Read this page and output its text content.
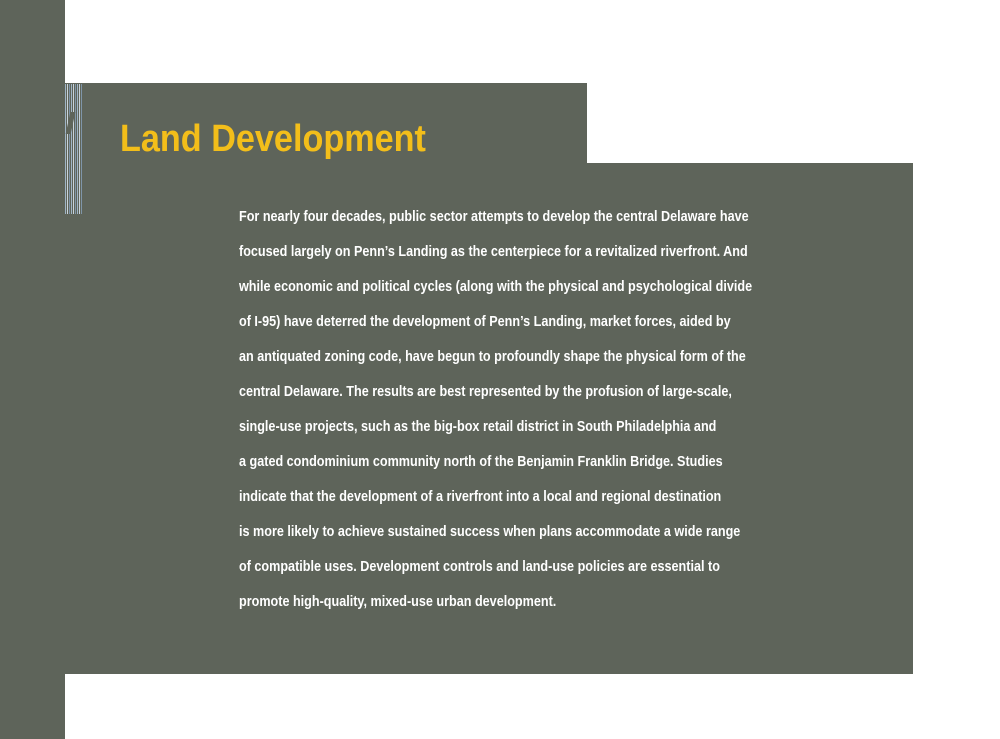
Land Development
For nearly four decades, public sector attempts to develop the central Delaware have
focused largely on Penn’s Landing as the centerpiece for a revitalized riverfront. And
while economic and political cycles (along with the physical and psychological divide
of I-95) have deterred the development of Penn’s Landing, market forces, aided by
an antiquated zoning code, have begun to profoundly shape the physical form of the
central Delaware. The results are best represented by the profusion of large-scale,
single-use projects, such as the big-box retail district in South Philadelphia and
a gated condominium community north of the Benjamin Franklin Bridge. Studies
indicate that the development of a riverfront into a local and regional destination
is more likely to achieve sustained success when plans accommodate a wide range
of compatible uses. Development controls and land-use policies are essential to
promote high-quality, mixed-use urban development.
